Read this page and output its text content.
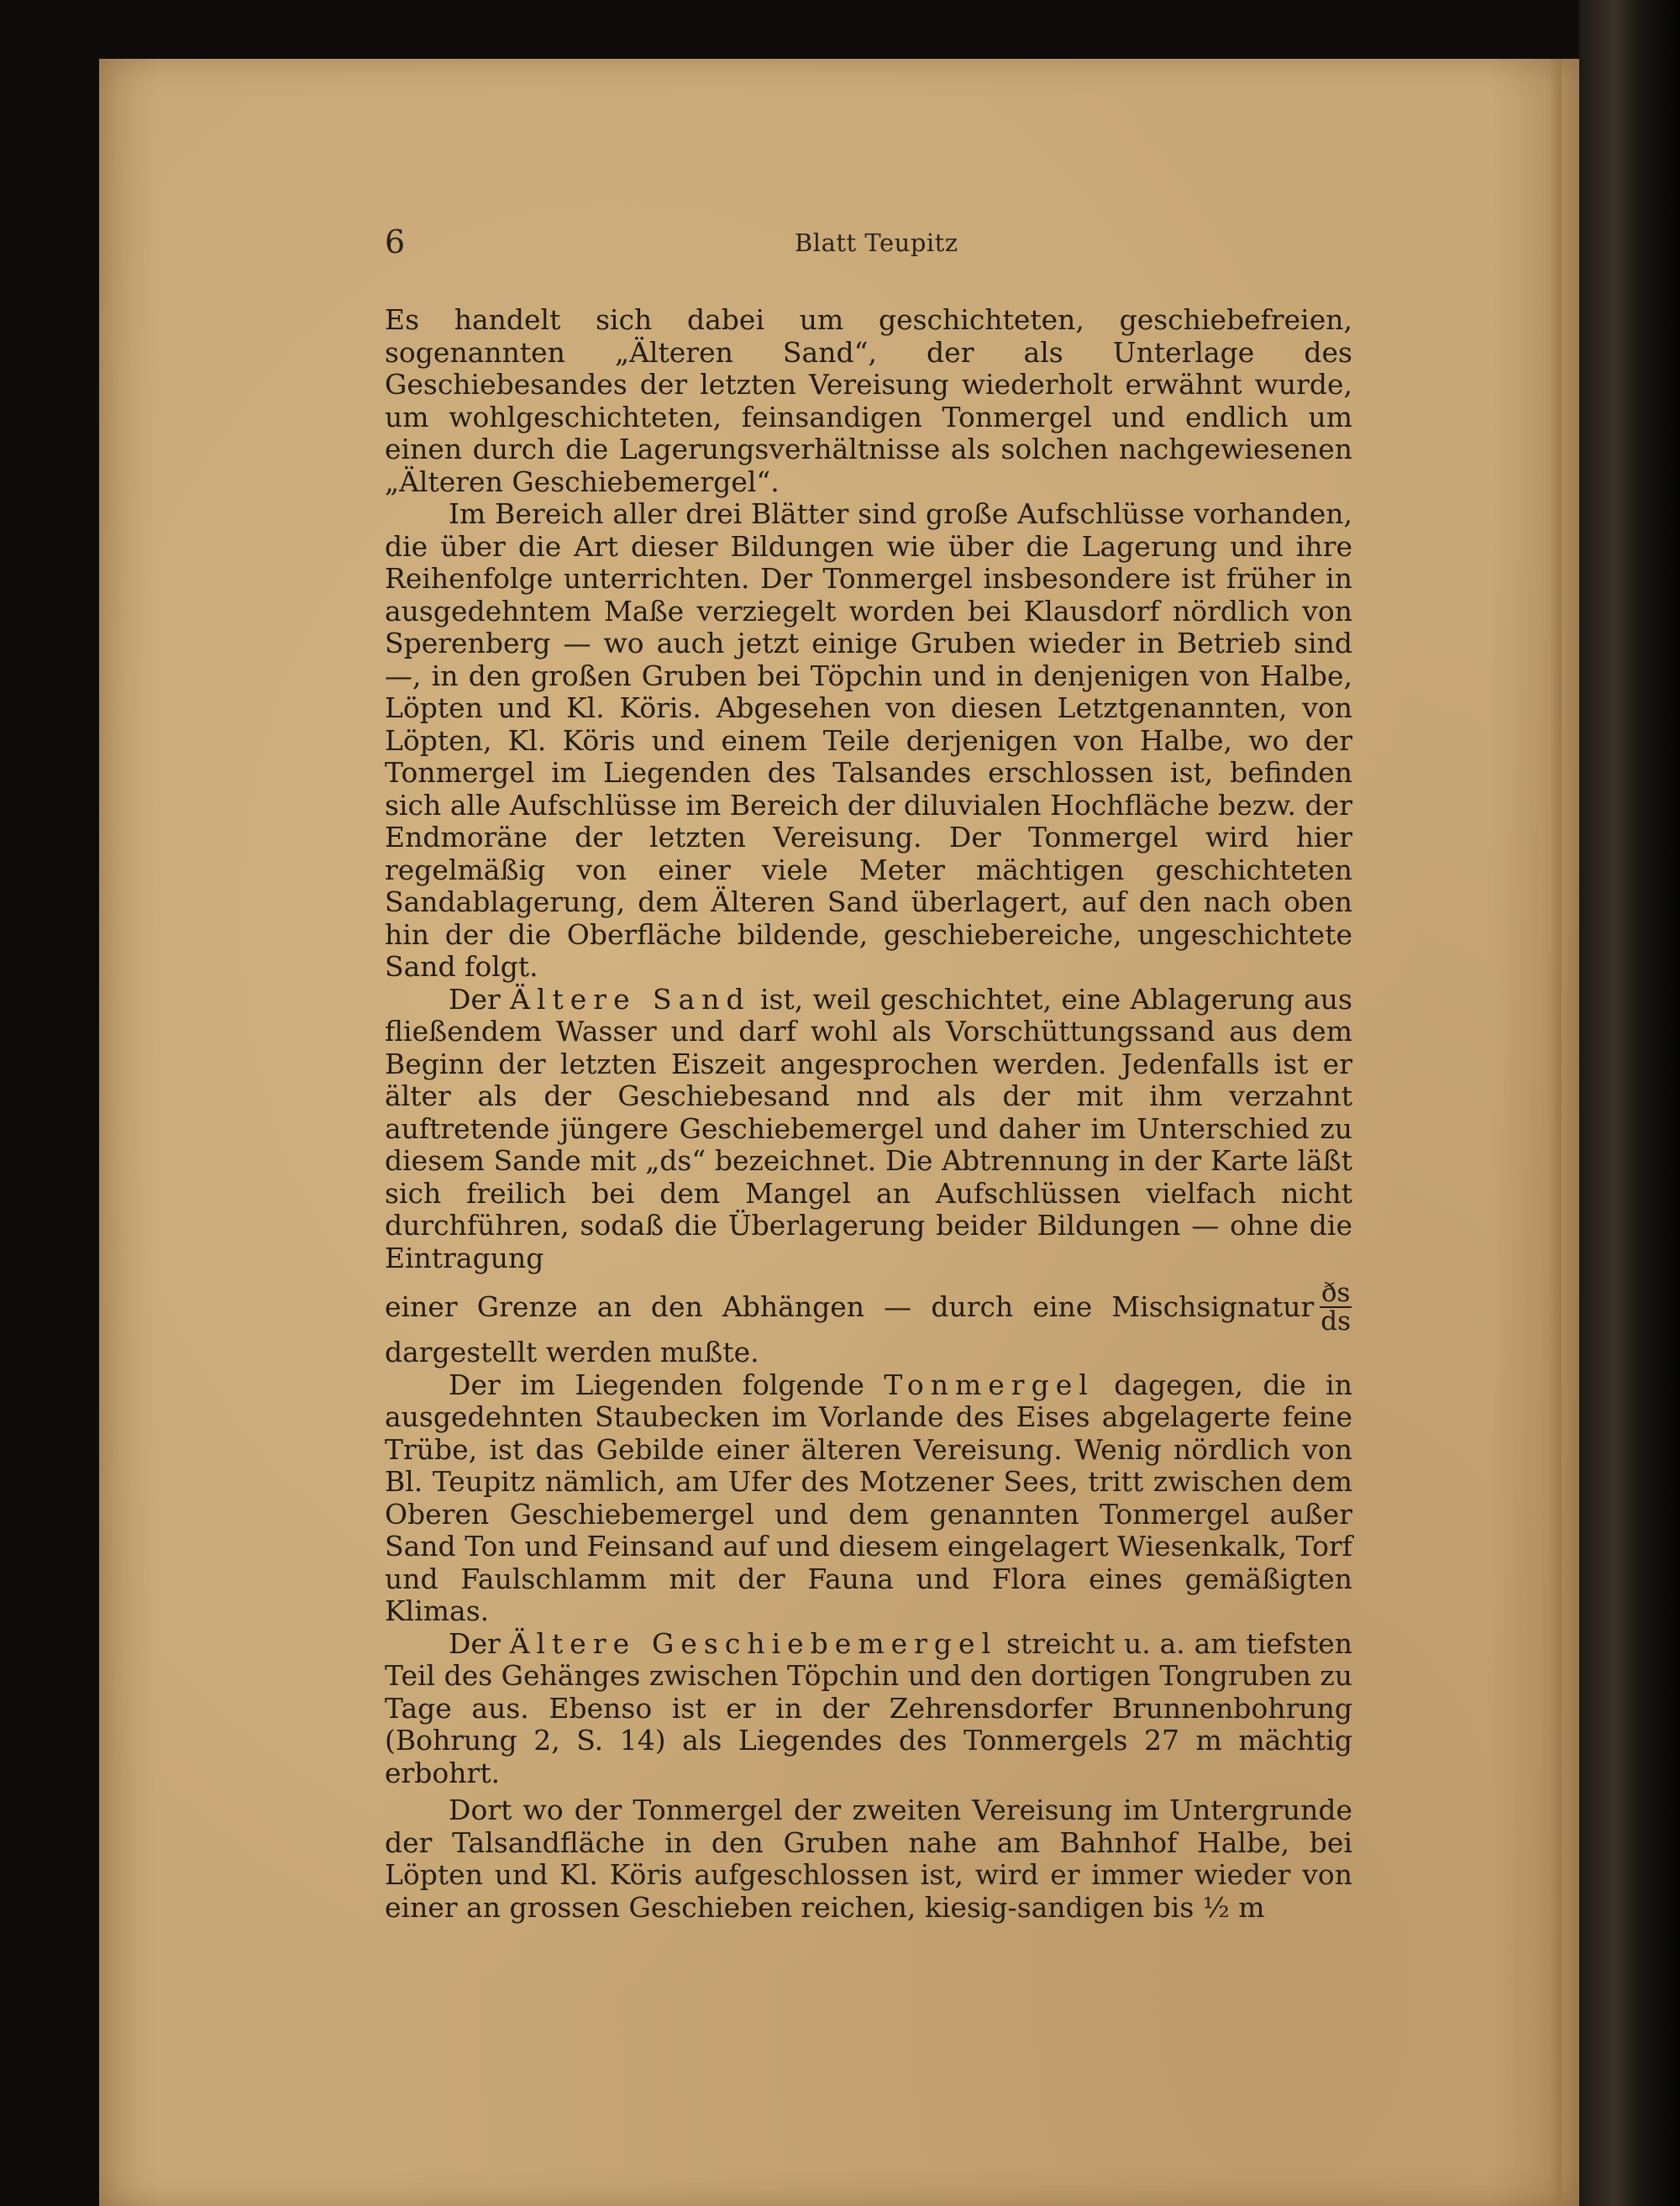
6	Blatt Teupitz

Es handelt sich dabei um geschichteten, geschiebefreien, sogenannten „Älteren Sand“, der als Unterlage des Geschiebesandes der letzten Vereisung wiederholt erwähnt wurde, um wohlgeschichteten, feinsandigen Tonmergel und endlich um einen durch die Lagerungsverhältnisse als solchen nachgewiesenen „Älteren Geschiebemergel“.

Im Bereich aller drei Blätter sind große Aufschlüsse vorhanden, die über die Art dieser Bildungen wie über die Lagerung und ihre Reihenfolge unterrichten. Der Tonmergel insbesondere ist früher in ausgedehntem Maße verziegelt worden bei Klausdorf nördlich von Sperenberg — wo auch jetzt einige Gruben wieder in Betrieb sind —, in den großen Gruben bei Töpchin und in denjenigen von Halbe, Löpten und Kl. Köris. Abgesehen von diesen Letztgenannten, von Löpten, Kl. Köris und einem Teile derjenigen von Halbe, wo der Tonmergel im Liegenden des Talsandes erschlossen ist, befinden sich alle Aufschlüsse im Bereich der diluvialen Hochfläche bezw. der Endmoräne der letzten Vereisung. Der Tonmergel wird hier regelmäßig von einer viele Meter mächtigen geschichteten Sandablagerung, dem Älteren Sand überlagert, auf den nach oben hin der die Oberfläche bildende, geschiebereiche, ungeschichtete Sand folgt.

Der Ältere Sand ist, weil geschichtet, eine Ablagerung aus fließendem Wasser und darf wohl als Vorschüttungssand aus dem Beginn der letzten Eiszeit angesprochen werden. Jedenfalls ist er älter als der Geschiebesand nnd als der mit ihm verzahnt auftretende jüngere Geschiebemergel und daher im Unterschied zu diesem Sande mit „ds“ bezeichnet. Die Abtrennung in der Karte läßt sich freilich bei dem Mangel an Aufschlüssen vielfach nicht durchführen, sodaß die Überlagerung beider Bildungen — ohne die Eintragung

einer Grenze an den Abhängen — durch eine Mischsignatur $\frac{ðs}{ds}$

dargestellt werden mußte.

Der im Liegenden folgende Tonmergel dagegen, die in ausgedehnten Staubecken im Vorlande des Eises abgelagerte feine Trübe, ist das Gebilde einer älteren Vereisung. Wenig nördlich von Bl. Teupitz nämlich, am Ufer des Motzener Sees, tritt zwischen dem Oberen Geschiebemergel und dem genannten Tonmergel außer Sand Ton und Feinsand auf und diesem eingelagert Wiesenkalk, Torf und Faulschlamm mit der Fauna und Flora eines gemäßigten Klimas.

Der Ältere Geschiebemergel streicht u. a. am tiefsten Teil des Gehänges zwischen Töpchin und den dortigen Tongruben zu Tage aus. Ebenso ist er in der Zehrensdorfer Brunnenbohrung (Bohrung 2, S. 14) als Liegendes des Tonmergels 27 m mächtig erbohrt.

Dort wo der Tonmergel der zweiten Vereisung im Untergrunde der Talsandfläche in den Gruben nahe am Bahnhof Halbe, bei Löpten und Kl. Köris aufgeschlossen ist, wird er immer wieder von einer an grossen Geschieben reichen, kiesig-sandigen bis ½ m
